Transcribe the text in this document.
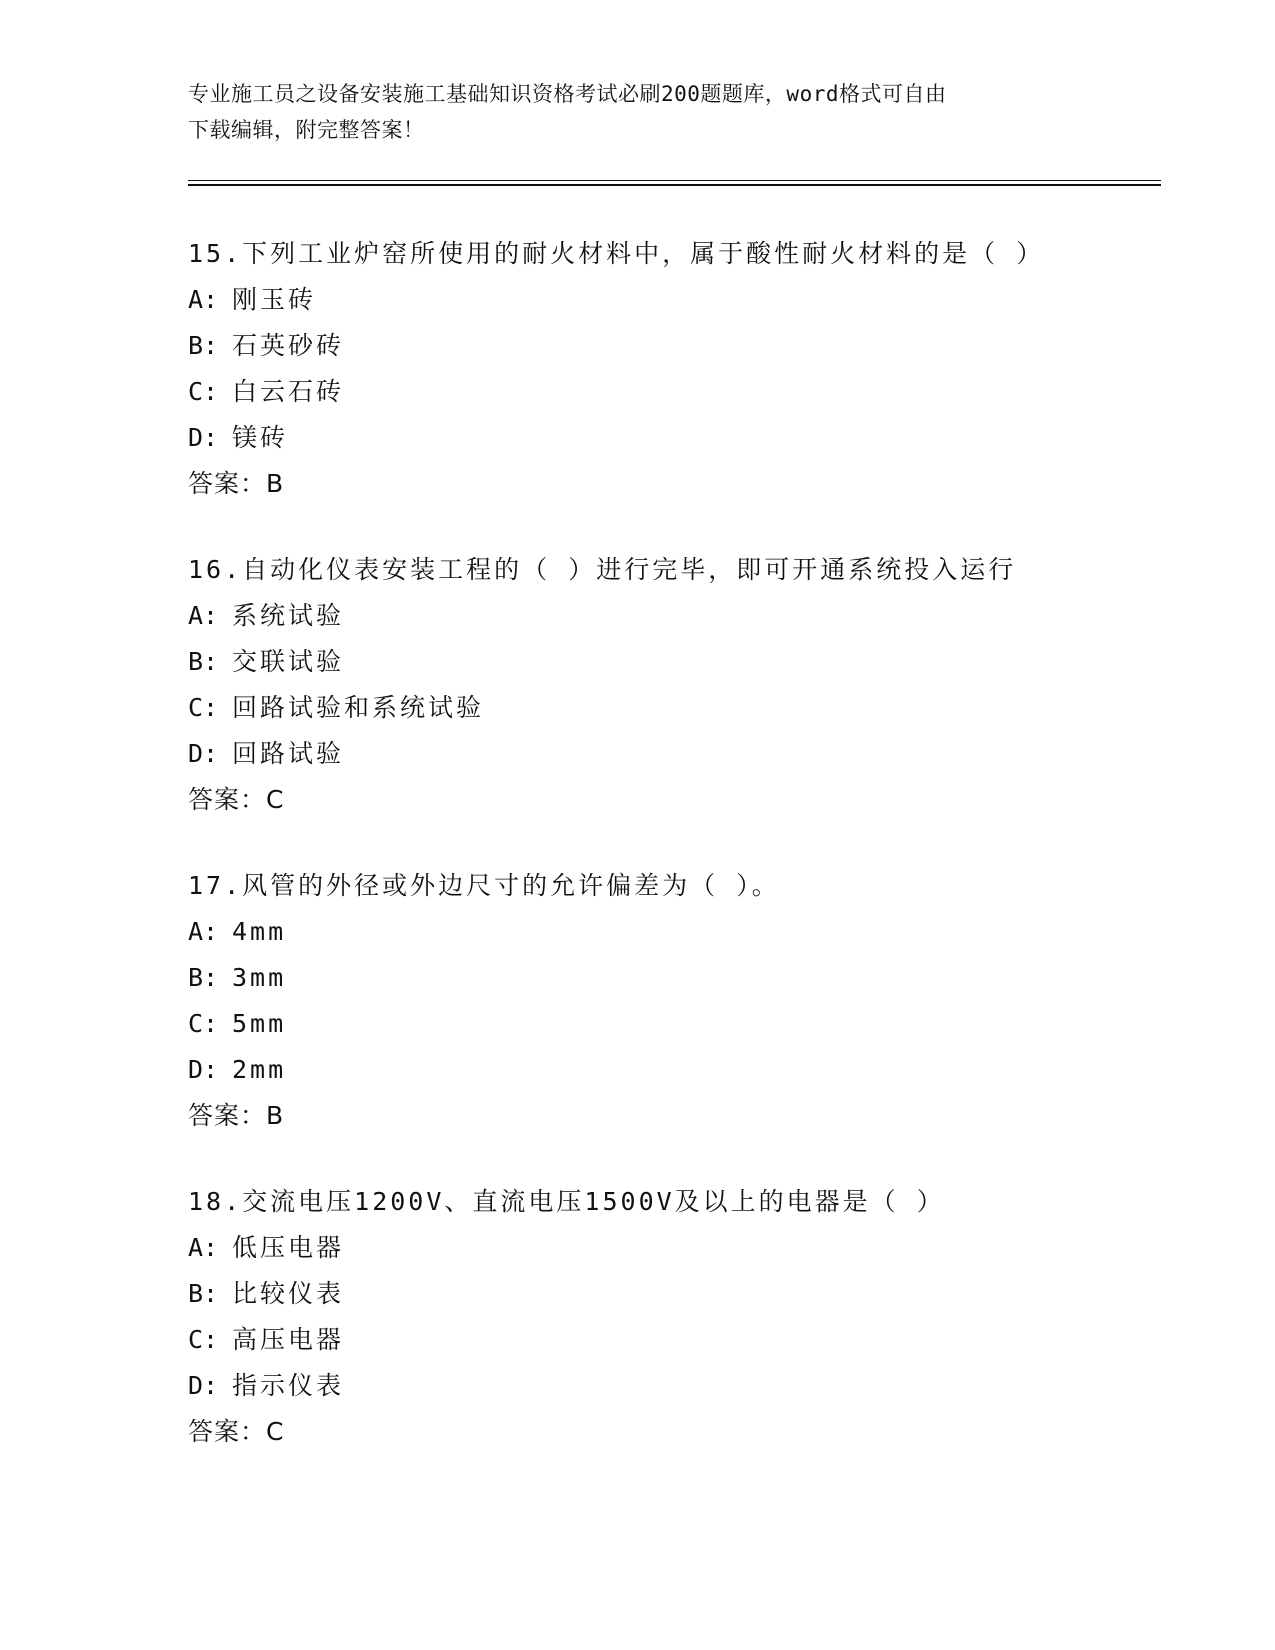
专业施工员之设备安装施工基础知识资格考试必刷200题题库，word格式可自由
下载编辑，附完整答案！
15.下列工业炉窑所使用的耐火材料中，属于酸性耐火材料的是（ ）
A: 刚玉砖
B: 石英砂砖
C: 白云石砖
D: 镁砖
答案：B
16.自动化仪表安装工程的（ ）进行完毕，即可开通系统投入运行
A: 系统试验
B: 交联试验
C: 回路试验和系统试验
D: 回路试验
答案：C
17.风管的外径或外边尺寸的允许偏差为（ ）。
A: 4mm
B: 3mm
C: 5mm
D: 2mm
答案：B
18.交流电压1200V、直流电压1500V及以上的电器是（ ）
A: 低压电器
B: 比较仪表
C: 高压电器
D: 指示仪表
答案：C
